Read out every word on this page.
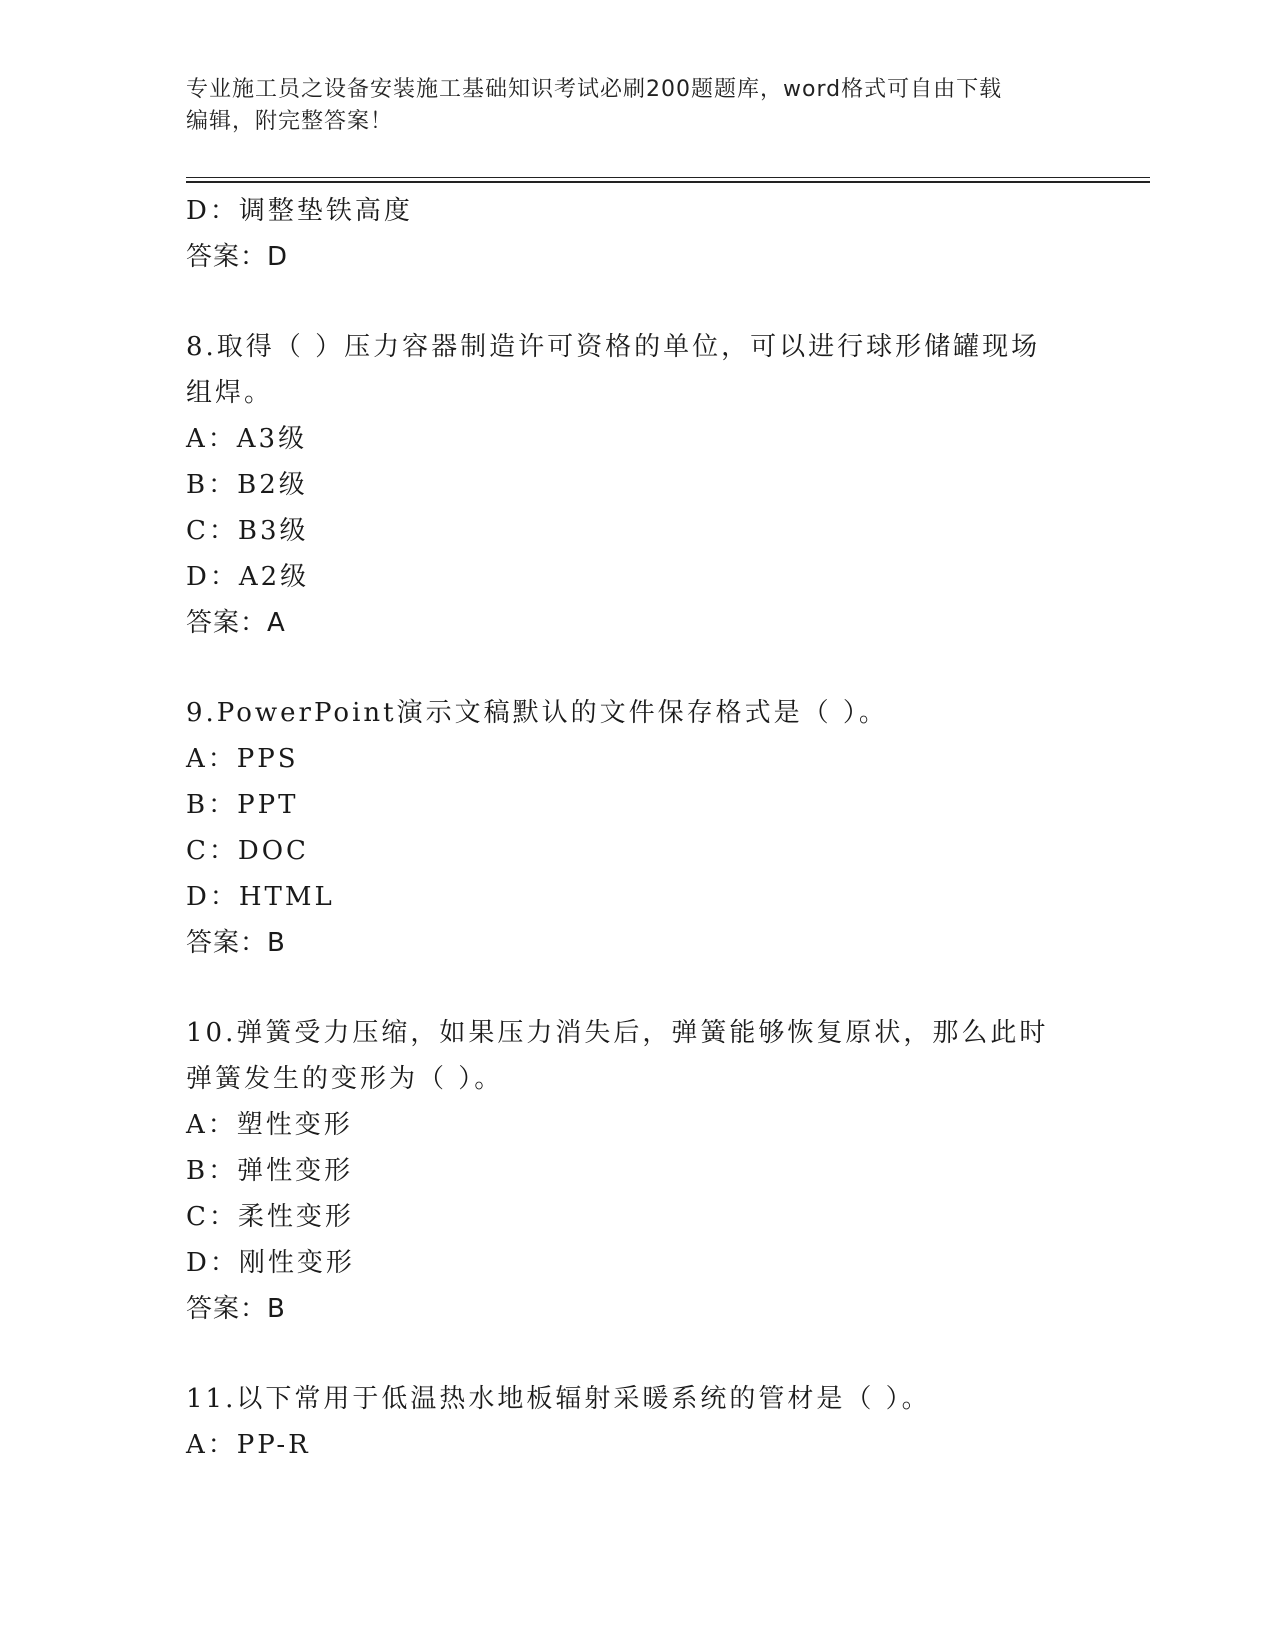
专业施工员之设备安装施工基础知识考试必刷200题题库，word格式可自由下载
编辑，附完整答案！

D：调整垫铁高度

答案：D

8.取得（ ）压力容器制造许可资格的单位，可以进行球形储罐现场组焊。

A：A3级

B：B2级

C：B3级

D：A2级

答案：A

9.PowerPoint演示文稿默认的文件保存格式是（ ）。

A：PPS

B：PPT

C：DOC

D：HTML

答案：B

10.弹簧受力压缩，如果压力消失后，弹簧能够恢复原状，那么此时弹簧发生的变形为（ ）。

A：塑性变形

B：弹性变形

C：柔性变形

D：刚性变形

答案：B

11.以下常用于低温热水地板辐射采暖系统的管材是（ ）。

A：PP-R
